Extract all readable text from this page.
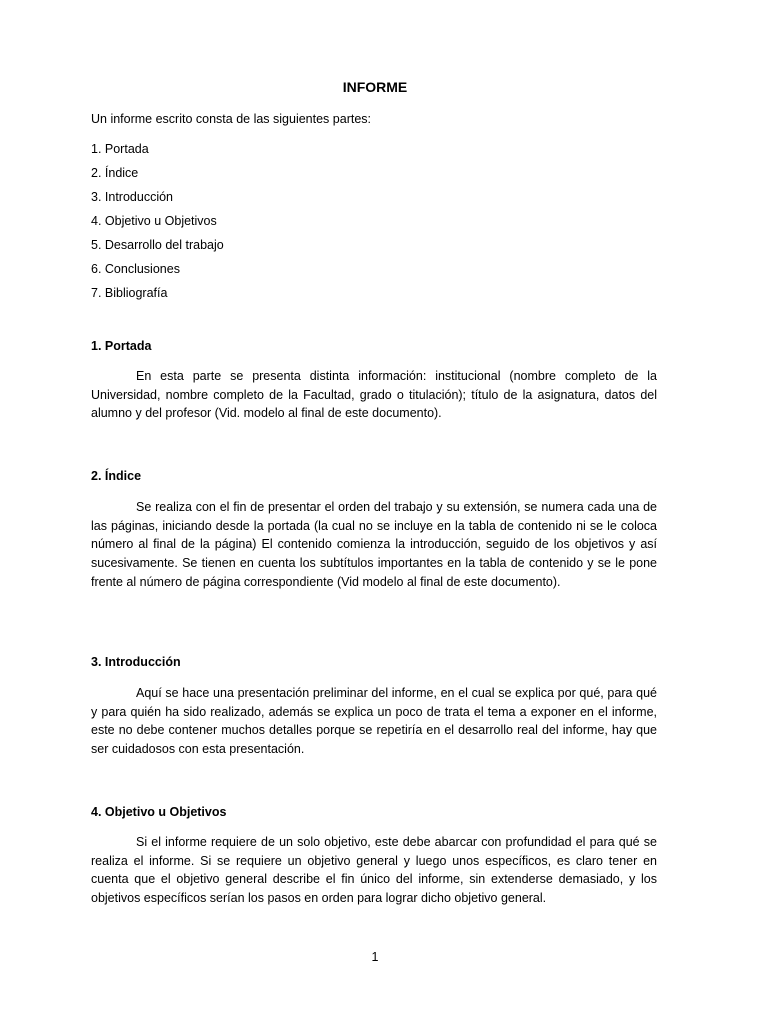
INFORME
Un informe escrito consta de las siguientes partes:
1. Portada
2. Índice
3. Introducción
4. Objetivo u Objetivos
5. Desarrollo del trabajo
6. Conclusiones
7. Bibliografía
1. Portada
En esta parte se presenta distinta información: institucional (nombre completo de la Universidad, nombre completo de la Facultad, grado o titulación); título de la asignatura, datos del alumno y del profesor (Vid. modelo al final de este documento).
2. Índice
Se realiza con el fin de presentar el orden del trabajo y su extensión, se numera cada una de las páginas, iniciando desde la portada (la cual no se incluye en la tabla de contenido ni se le coloca número al final de la página) El contenido comienza la introducción, seguido de los objetivos y así sucesivamente. Se tienen en cuenta los subtítulos importantes en la tabla de contenido y se le pone frente al número de página correspondiente (Vid modelo al final de este documento).
3. Introducción
Aquí se hace una presentación preliminar del informe, en el cual se explica por qué, para qué y para quién ha sido realizado, además se explica un poco de trata el tema a exponer en el informe, este no debe contener muchos detalles porque se repetiría en el desarrollo real del informe, hay que ser cuidadosos con esta presentación.
4. Objetivo u Objetivos
Si el informe requiere de un solo objetivo, este debe abarcar con profundidad el para qué se realiza el informe. Si se requiere un objetivo general y luego unos específicos, es claro tener en cuenta que el objetivo general describe el fin único del informe, sin extenderse demasiado, y los objetivos específicos serían los pasos en orden para lograr dicho objetivo general.
1
